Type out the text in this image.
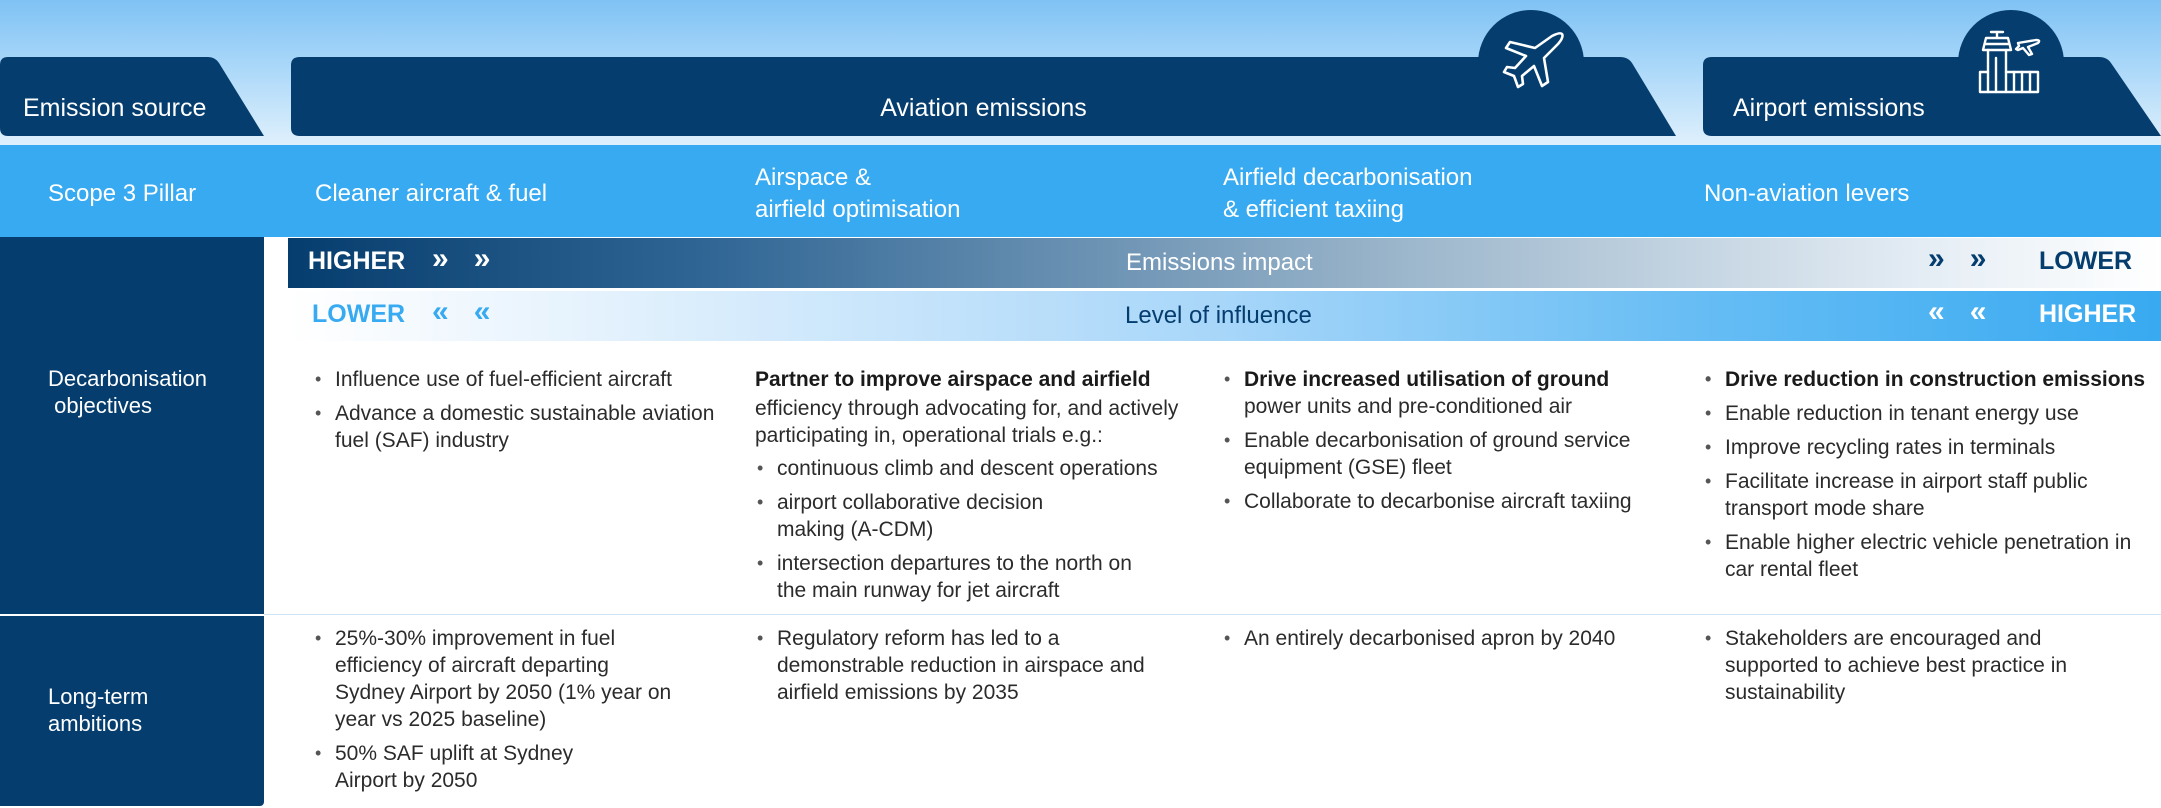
Emission source	Aviation emissions	Airport emissions
Scope 3 Pillar	Cleaner aircraft & fuel
Airspace &
airfield optimisation
Airfield decarbonisation
& efficient taxiing
Non-aviation levers
Decarbonisation
objectives
Long-term
ambitions
HIGHER »   »	Emissions impact	»   » LOWER
LOWER «   «	Level of influence	«   « HIGHER
• Influence use of fuel-efficient aircraft
• Advance a domestic sustainable aviation fuel (SAF) industry
Partner to improve airspace and airfield
efficiency through advocating for, and actively participating in, operational trials e.g.:
• continuous climb and descent operations
• airport collaborative decision making (A-CDM)
• intersection departures to the north on the main runway for jet aircraft
• Drive increased utilisation of ground
power units and pre-conditioned air
• Enable decarbonisation of ground service equipment (GSE) fleet
• Collaborate to decarbonise aircraft taxiing
• Drive reduction in construction emissions
• Enable reduction in tenant energy use
• Improve recycling rates in terminals
• Facilitate increase in airport staff public transport mode share
• Enable higher electric vehicle penetration in car rental fleet
• 25%-30% improvement in fuel efficiency of aircraft departing Sydney Airport by 2050 (1% year on year vs 2025 baseline)
• 50% SAF uplift at Sydney Airport by 2050
• Regulatory reform has led to a demonstrable reduction in airspace and airfield emissions by 2035
• An entirely decarbonised apron by 2040
•	Stakeholders are encouraged and supported to achieve best practice in sustainability
